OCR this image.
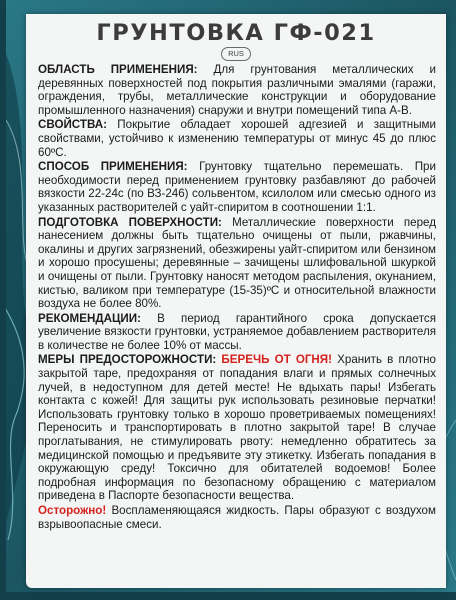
ГРУНТОВКА ГФ-021
RUS

ОБЛАСТЬ ПРИМЕНЕНИЯ: Для грунтования металлических и деревянных поверхностей под покрытия различными эмалями (гаражи, ограждения, трубы, металлические конструкции и оборудование промышленного назначения) снаружи и внутри помещений типа А-В.

СВОЙСТВА: Покрытие обладает хорошей адгезией и защитными свойствами, устойчиво к изменению температуры от минус 45 до плюс 60ºC.

СПОСОБ ПРИМЕНЕНИЯ: Грунтовку тщательно перемешать. При необходимости перед применением грунтовку разбавляют до рабочей вязкости 22-24с (по ВЗ-246) сольвентом, ксилолом или смесью одного из указанных растворителей с уайт-спиритом в соотношении 1:1.

ПОДГОТОВКА ПОВЕРХНОСТИ: Металлические поверхности перед нанесением должны быть тщательно очищены от пыли, ржавчины, окалины и других загрязнений, обезжирены уайт-спиритом или бензином и хорошо просушены; деревянные – зачищены шлифовальной шкуркой и очищены от пыли. Грунтовку наносят методом распыления, окунанием, кистью, валиком при температуре (15-35)ºC и относительной влажности воздуха не более 80%.

РЕКОМЕНДАЦИИ: В период гарантийного срока допускается увеличение вязкости грунтовки, устраняемое добавлением растворителя в количестве не более 10% от массы.

МЕРЫ ПРЕДОСТОРОЖНОСТИ: БЕРЕЧЬ ОТ ОГНЯ! Хранить в плотно закрытой таре, предохраняя от попадания влаги и прямых солнечных лучей, в недоступном для детей месте! Не вдыхать пары! Избегать контакта с кожей! Для защиты рук использовать резиновые перчатки! Использовать грунтовку только в хорошо проветриваемых помещениях! Переносить и транспортировать в плотно закрытой таре! В случае проглатывания, не стимулировать рвоту: немедленно обратитесь за медицинской помощью и предъявите эту этикетку. Избегать попадания в окружающую среду! Токсично для обитателей водоемов! Более подробная информация по безопасному обращению с материалом приведена в Паспорте безопасности вещества.

Осторожно! Воспламеняющаяся жидкость. Пары образуют с воздухом взрывоопасные смеси.
